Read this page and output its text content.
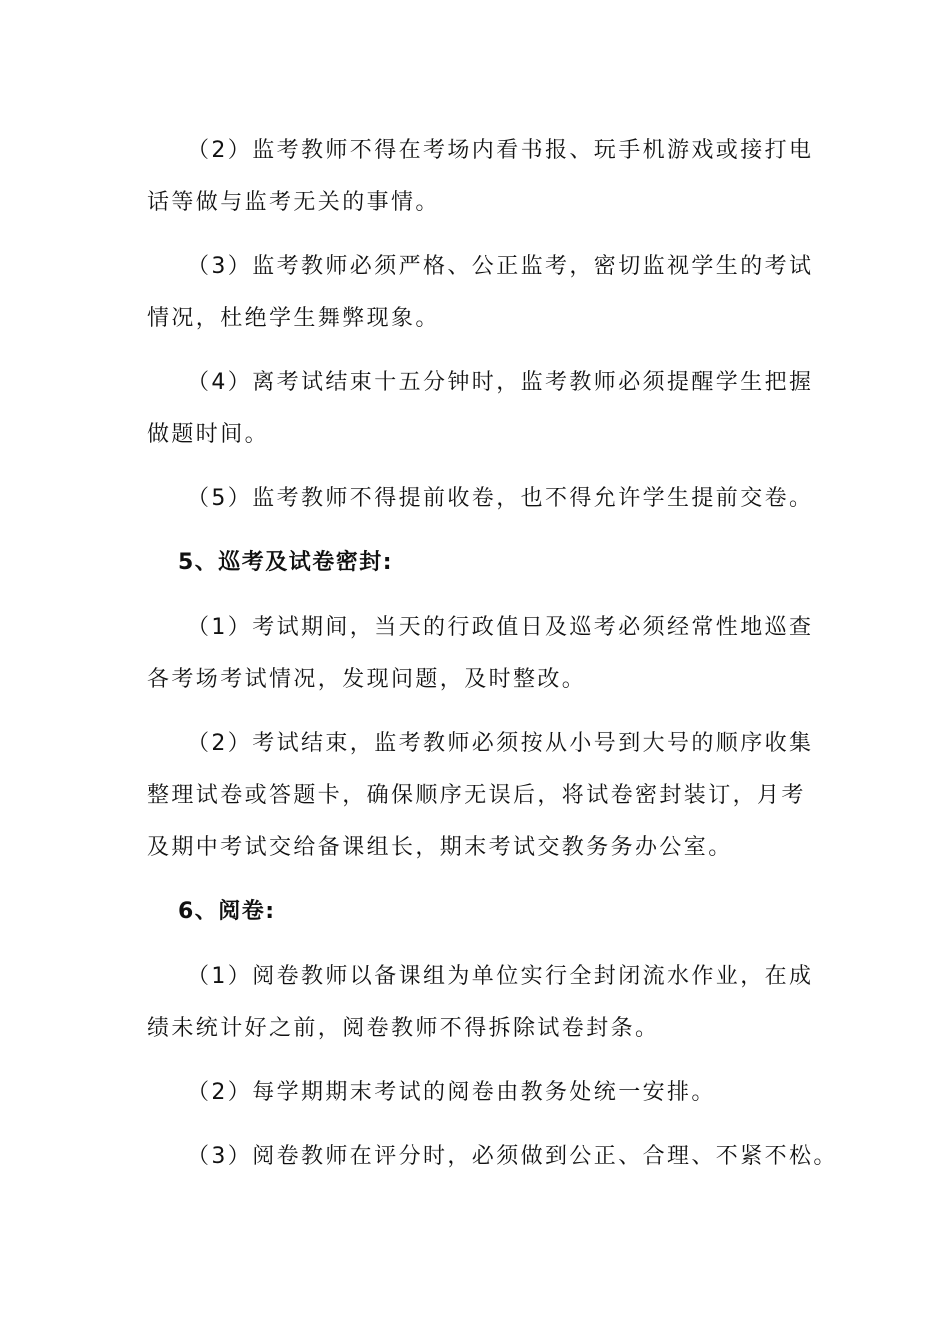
（2）监考教师不得在考场内看书报、玩手机游戏或接打电
话等做与监考无关的事情。
（3）监考教师必须严格、公正监考，密切监视学生的考试
情况，杜绝学生舞弊现象。
（4）离考试结束十五分钟时，监考教师必须提醒学生把握
做题时间。
（5）监考教师不得提前收卷，也不得允许学生提前交卷。
5、巡考及试卷密封:
（1）考试期间，当天的行政值日及巡考必须经常性地巡查
各考场考试情况，发现问题，及时整改。
（2）考试结束，监考教师必须按从小号到大号的顺序收集
整理试卷或答题卡，确保顺序无误后，将试卷密封装订，月考
及期中考试交给备课组长，期末考试交教务务办公室。
6、阅卷:
（1）阅卷教师以备课组为单位实行全封闭流水作业，在成
绩未统计好之前，阅卷教师不得拆除试卷封条。
（2）每学期期末考试的阅卷由教务处统一安排。
（3）阅卷教师在评分时，必须做到公正、合理、不紧不松。
